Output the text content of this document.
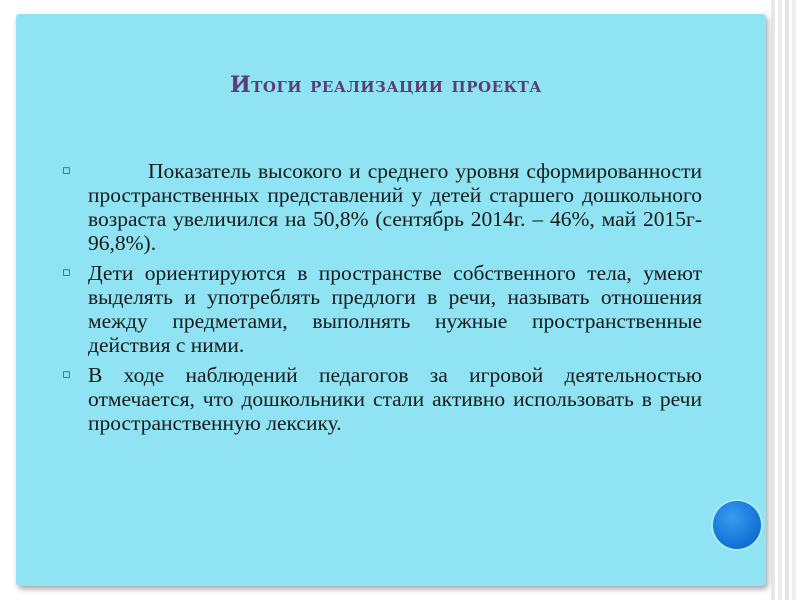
Итоги реализации проекта
▫	Показатель высокого и среднего уровня сформированности пространственных представлений у детей старшего дошкольного возраста увеличился на 50,8% (сентябрь 2014г. – 46%, май 2015г- 96,8%).
▫ Дети ориентируются в пространстве собственного тела, умеют выделять и употреблять предлоги в речи, называть отношения между предметами, выполнять нужные пространственные действия с ними.
▫ В ходе наблюдений педагогов за игровой деятельностью отмечается, что дошкольники стали активно использовать в речи пространственную лексику.
